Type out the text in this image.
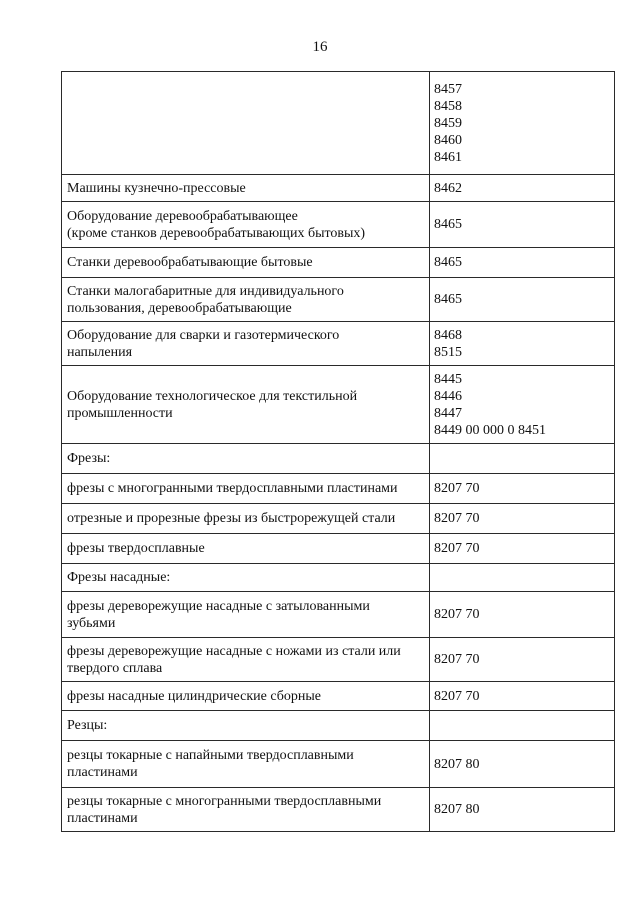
16

	8457
8458
8459
8460
8461

Машины кузнечно-прессовые	8462

Оборудование деревообрабатывающее
(кроме станков деревообрабатывающих бытовых)	8465

Станки деревообрабатывающие бытовые	8465

Станки малогабаритные для индивидуального
пользования, деревообрабатывающие	8465

Оборудование для сварки и газотермического
напыления	8468
8515

Оборудование технологическое для текстильной
промышленности	8445
8446
8447
8449 00 000 0 8451

Фрезы:	

фрезы с многогранными твердосплавными пластинами	8207 70

отрезные и прорезные фрезы из быстрорежущей стали	8207 70

фрезы твердосплавные	8207 70

Фрезы насадные:	

фрезы дереворежущие насадные с затылованными
зубьями	8207 70

фрезы дереворежущие насадные с ножами из стали или
твердого сплава	8207 70

фрезы насадные цилиндрические сборные	8207 70

Резцы:	

резцы токарные с напайными твердосплавными
пластинами	8207 80

резцы токарные с многогранными твердосплавными
пластинами	8207 80
